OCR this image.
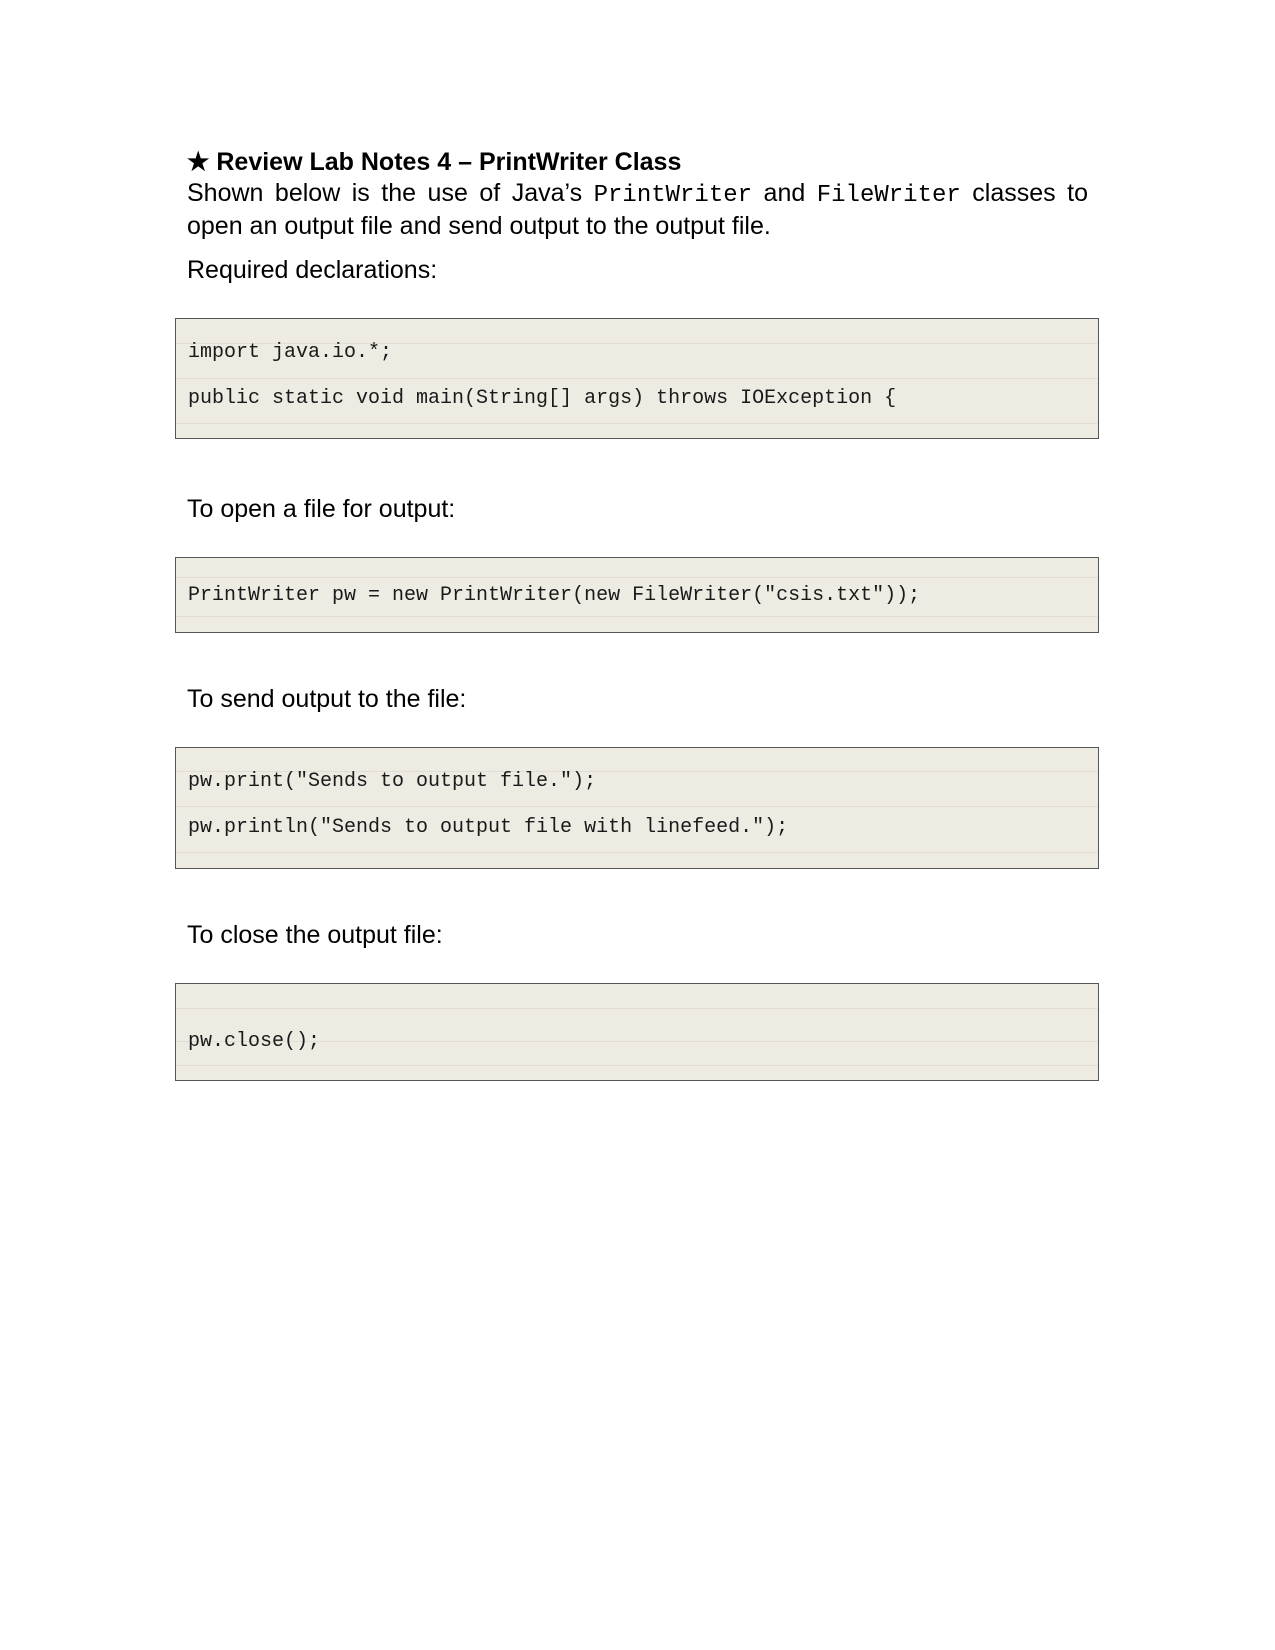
★ Review Lab Notes 4 – PrintWriter Class
Shown below is the use of Java’s PrintWriter and FileWriter classes to open an output file and send output to the output file.
Required declarations:
import java.io.*;
public static void main(String[] args) throws IOException {
To open a file for output:
PrintWriter pw = new PrintWriter(new FileWriter("csis.txt"));
To send output to the file:
pw.print("Sends to output file.");
pw.println("Sends to output file with linefeed.");
To close the output file:
pw.close();
